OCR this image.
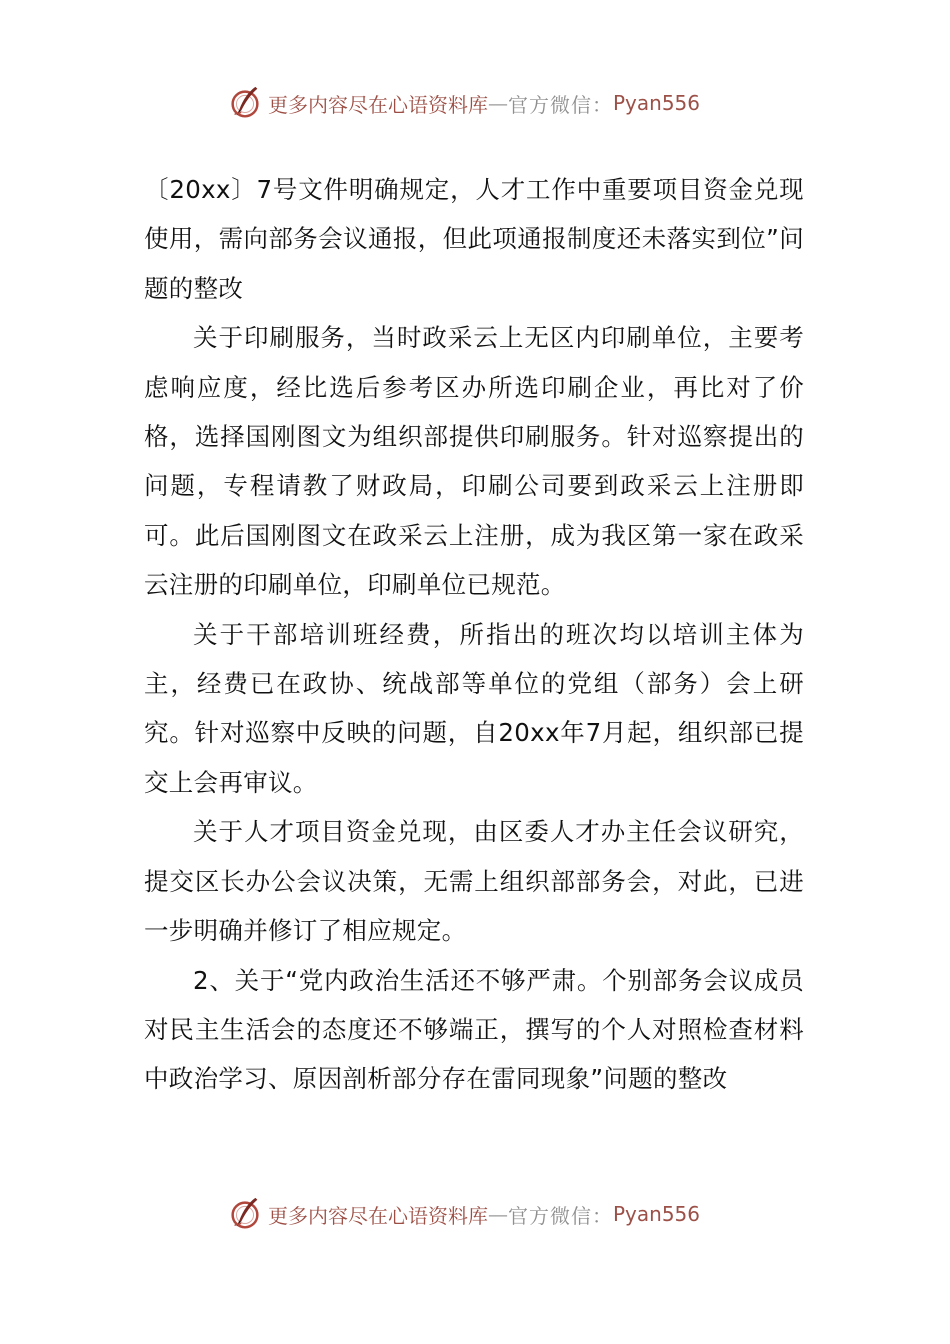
更多内容尽在心语资料库 — 官方微信： Pyan556

〔20xx〕7号文件明确规定，人才工作中重要项目资金兑现使用，需向部务会议通报，但此项通报制度还未落实到位”问题的整改

关于印刷服务，当时政采云上无区内印刷单位，主要考虑响应度，经比选后参考区办所选印刷企业，再比对了价格，选择国刚图文为组织部提供印刷服务。针对巡察提出的问题，专程请教了财政局，印刷公司要到政采云上注册即可。此后国刚图文在政采云上注册，成为我区第一家在政采云注册的印刷单位，印刷单位已规范。

关于干部培训班经费，所指出的班次均以培训主体为主，经费已在政协、统战部等单位的党组（部务）会上研究。针对巡察中反映的问题，自20xx年7月起，组织部已提交上会再审议。

关于人才项目资金兑现，由区委人才办主任会议研究，提交区长办公会议决策，无需上组织部部务会，对此，已进一步明确并修订了相应规定。

2、关于“党内政治生活还不够严肃。个别部务会议成员对民主生活会的态度还不够端正，撰写的个人对照检查材料中政治学习、原因剖析部分存在雷同现象”问题的整改

更多内容尽在心语资料库 — 官方微信： Pyan556
